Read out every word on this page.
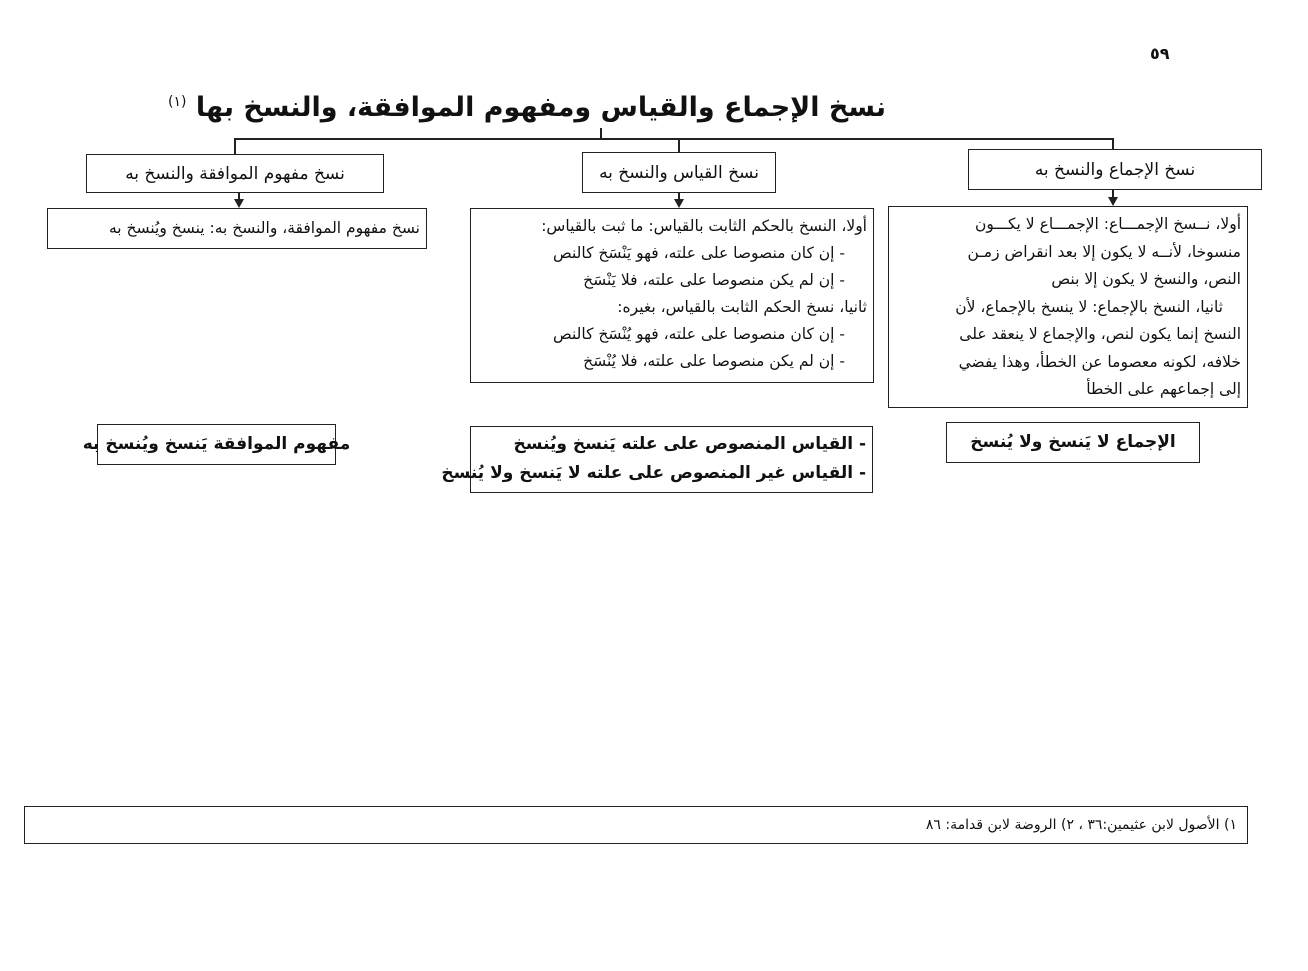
٥٩
نسخ الإجماع والقياس ومفهوم الموافقة، والنسخ بها $^{(١)}$
نسخ الإجماع والنسخ به
نسخ القياس والنسخ به
نسخ مفهوم الموافقة والنسخ به
أولا، نــسخ الإجمـــاع: الإجمـــاع لا يكـــون
منسوخا، لأنــه لا يكون إلا بعد انقراض زمـن
النص، والنسخ لا يكون إلا بنص
ثانيا، النسخ بالإجماع: لا ينسخ بالإجماع، لأن
النسخ إنما يكون لنص، والإجماع لا ينعقد على
خلافه، لكونه معصوما عن الخطأ، وهذا يفضي
إلى إجماعهم على الخطأ
أولا، النسخ بالحكم الثابت بالقياس: ما ثبت بالقياس:
- إن كان منصوصا على علته، فهو يَنْسَخ كالنص
- إن لم يكن منصوصا على علته، فلا يَنْسَخ
ثانيا، نسخ الحكم الثابت بالقياس، بغيره:
- إن كان منصوصا على علته، فهو يُنْسَخ كالنص
- إن لم يكن منصوصا على علته، فلا يُنْسَخ
نسخ مفهوم الموافقة، والنسخ به: ينسخ ويُنسخ به
الإجماع لا يَنسخ ولا يُنسخ
- القياس المنصوص على علته يَنسخ ويُنسخ
- القياس غير المنصوص على علته لا يَنسخ ولا يُنسخ
مفهوم الموافقة يَنسخ ويُنسخ به
١) الأصول لابن عثيمين:٣٦ ، ٢) الروضة لابن قدامة: ٨٦
